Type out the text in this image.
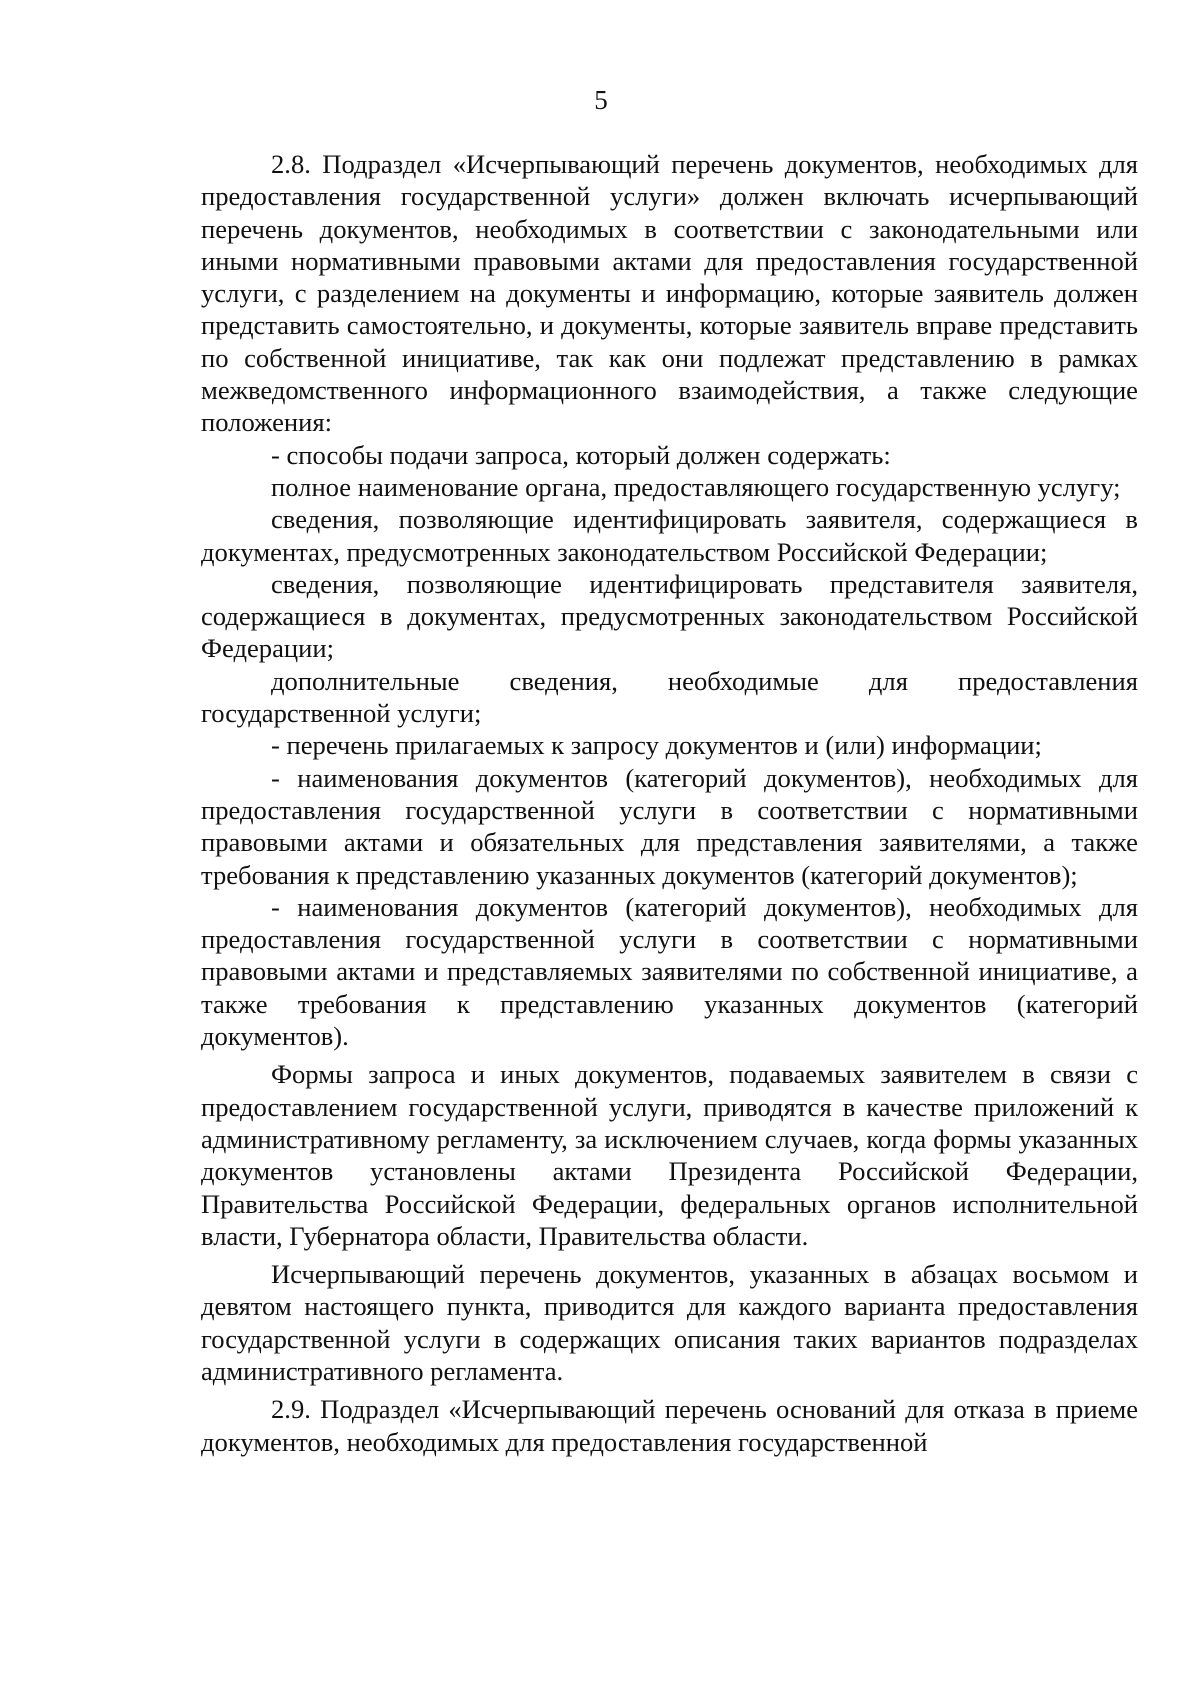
5

2.8. Подраздел «Исчерпывающий перечень документов, необходимых для предоставления государственной услуги» должен включать исчерпывающий перечень документов, необходимых в соответствии с законодательными или иными нормативными правовыми актами для предоставления государственной услуги, с разделением на документы и информацию, которые заявитель должен представить самостоятельно, и документы, которые заявитель вправе представить по собственной инициативе, так как они подлежат представлению в рамках межведомственного информационного взаимодействия, а также следующие положения:

- способы подачи запроса, который должен содержать:

полное наименование органа, предоставляющего государственную услугу;

сведения, позволяющие идентифицировать заявителя, содержащиеся в документах, предусмотренных законодательством Российской Федерации;

сведения, позволяющие идентифицировать представителя заявителя, содержащиеся в документах, предусмотренных законодательством Российской Федерации;

дополнительные сведения, необходимые для предоставления государственной услуги;

- перечень прилагаемых к запросу документов и (или) информации;

- наименования документов (категорий документов), необходимых для предоставления государственной услуги в соответствии с нормативными правовыми актами и обязательных для представления заявителями, а также требования к представлению указанных документов (категорий документов);

- наименования документов (категорий документов), необходимых для предоставления государственной услуги в соответствии с нормативными правовыми актами и представляемых заявителями по собственной инициативе, а также требования к представлению указанных документов (категорий документов).

Формы запроса и иных документов, подаваемых заявителем в связи с предоставлением государственной услуги, приводятся в качестве приложений к административному регламенту, за исключением случаев, когда формы указанных документов установлены актами Президента Российской Федерации, Правительства Российской Федерации, федеральных органов исполнительной власти, Губернатора области, Правительства области.

Исчерпывающий перечень документов, указанных в абзацах восьмом и девятом настоящего пункта, приводится для каждого варианта предоставления государственной услуги в содержащих описания таких вариантов подразделах административного регламента.

2.9. Подраздел «Исчерпывающий перечень оснований для отказа в приеме документов, необходимых для предоставления государственной
